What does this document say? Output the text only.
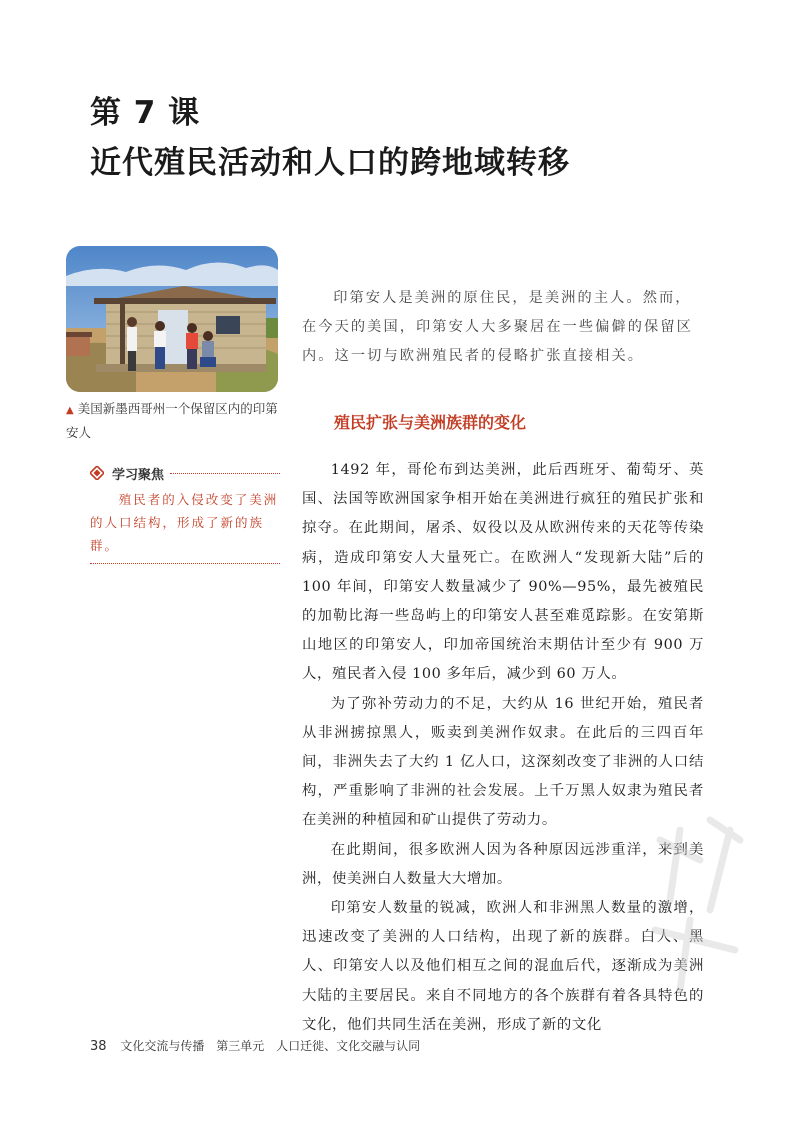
第 7 课
近代殖民活动和人口的跨地域转移

▲ 美国新墨西哥州一个保留区内的印第安人

学习聚焦

殖民者的入侵改变了美洲的人口结构，形成了新的族群。

印第安人是美洲的原住民，是美洲的主人。然而，在今天的美国，印第安人大多聚居在一些偏僻的保留区内。这一切与欧洲殖民者的侵略扩张直接相关。

殖民扩张与美洲族群的变化

1492 年，哥伦布到达美洲，此后西班牙、葡萄牙、英国、法国等欧洲国家争相开始在美洲进行疯狂的殖民扩张和掠夺。在此期间，屠杀、奴役以及从欧洲传来的天花等传染病，造成印第安人大量死亡。在欧洲人“发现新大陆”后的 100 年间，印第安人数量减少了 90%—95%，最先被殖民的加勒比海一些岛屿上的印第安人甚至难觅踪影。在安第斯山地区的印第安人，印加帝国统治末期估计至少有 900 万人，殖民者入侵 100 多年后，减少到 60 万人。

为了弥补劳动力的不足，大约从 16 世纪开始，殖民者从非洲掳掠黑人，贩卖到美洲作奴隶。在此后的三四百年间，非洲失去了大约 1 亿人口，这深刻改变了非洲的人口结构，严重影响了非洲的社会发展。上千万黑人奴隶为殖民者在美洲的种植园和矿山提供了劳动力。

在此期间，很多欧洲人因为各种原因远涉重洋，来到美洲，使美洲白人数量大大增加。

印第安人数量的锐减，欧洲人和非洲黑人数量的激增，迅速改变了美洲的人口结构，出现了新的族群。白人、黑人、印第安人以及他们相互之间的混血后代，逐渐成为美洲大陆的主要居民。来自不同地方的各个族群有着各具特色的文化，他们共同生活在美洲，形成了新的文化

38 文化交流与传播 第三单元 人口迁徙、文化交融与认同
